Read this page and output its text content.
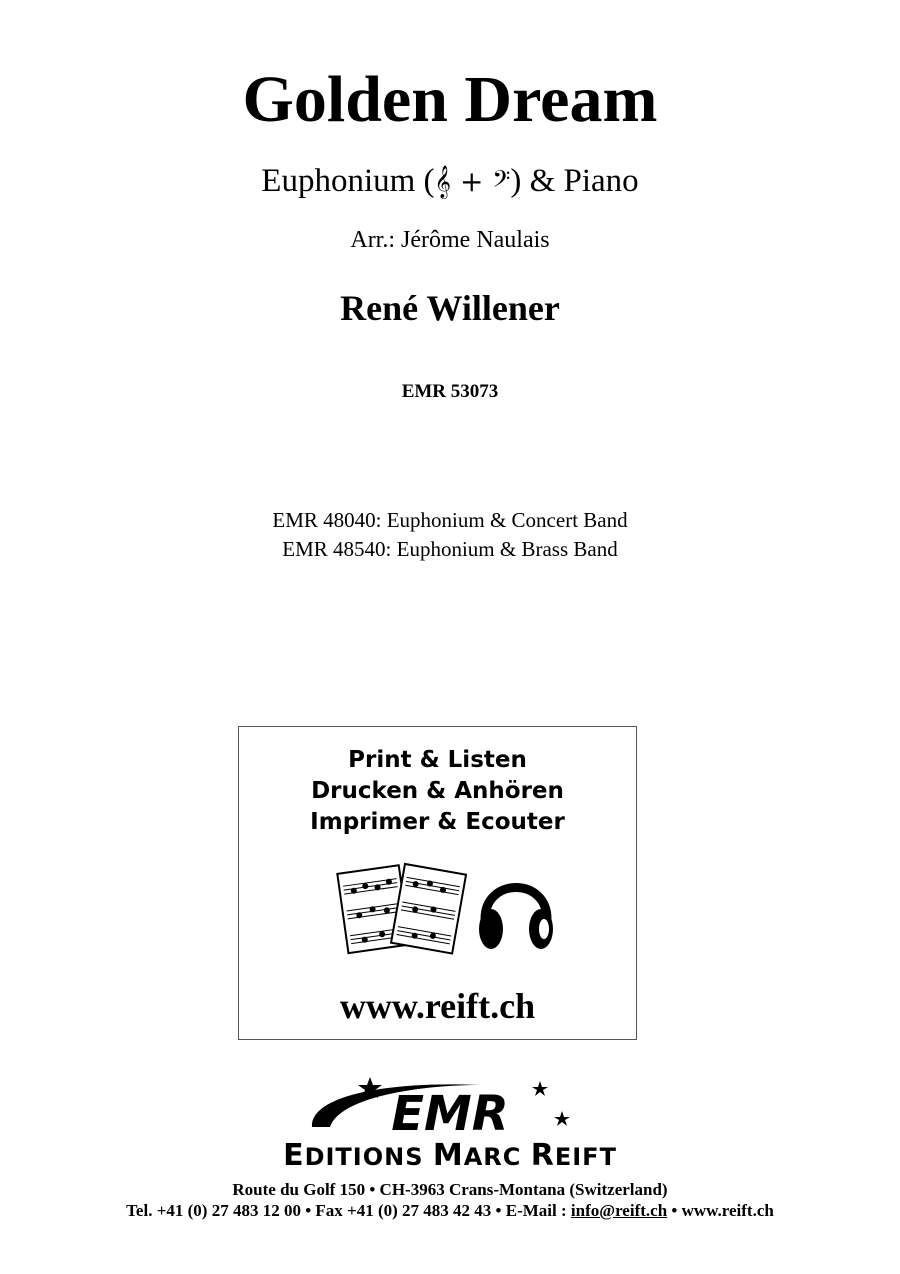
Golden Dream
Euphonium (𝄞 + 𝄢) & Piano
Arr.: Jérôme Naulais
René Willener
EMR 53073
EMR 48040: Euphonium & Concert Band
EMR 48540: Euphonium & Brass Band
Print & Listen
Drucken & Anhören
Imprimer & Ecouter
www.reift.ch
EMR
EDITIONS MARC REIFT
Route du Golf 150 • CH-3963 Crans-Montana (Switzerland)
Tel. +41 (0) 27 483 12 00 • Fax +41 (0) 27 483 42 43 • E-Mail : info@reift.ch • www.reift.ch
